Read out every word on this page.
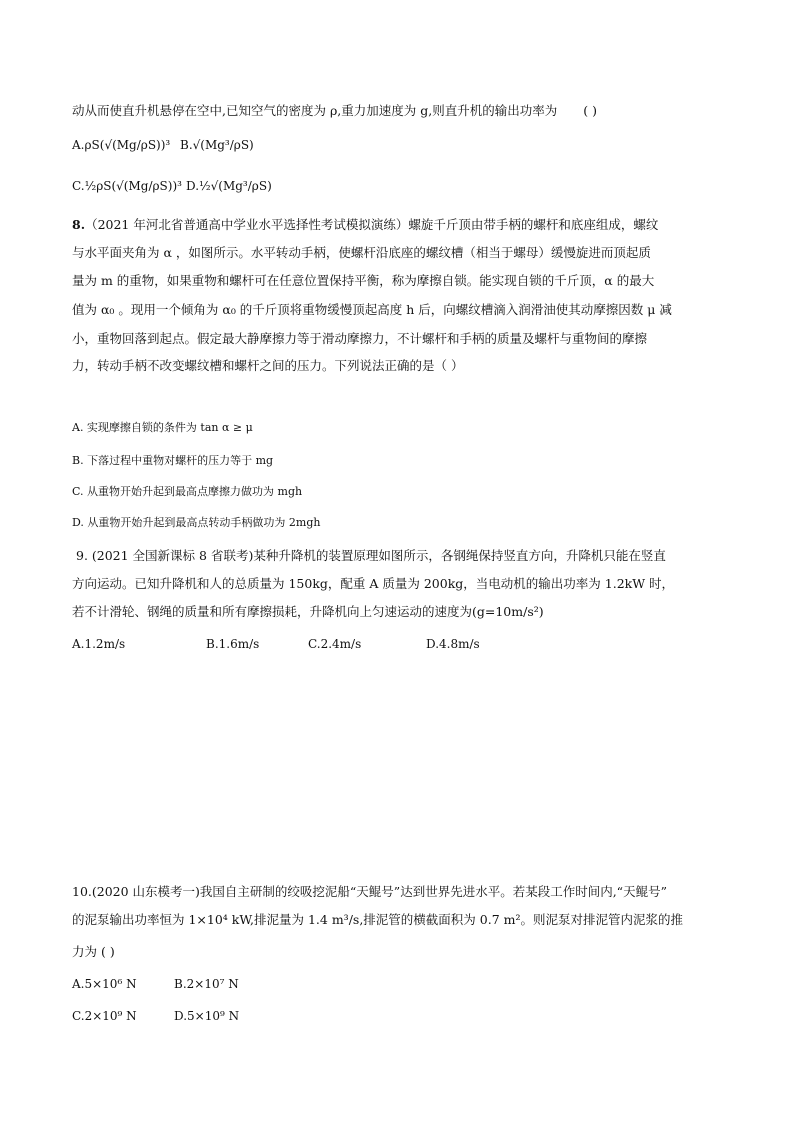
动从而使直升机悬停在空中,已知空气的密度为 ρ,重力加速度为 g,则直升机的输出功率为 ( )
A.ρS(√(Mg/ρS))³ B.√(Mg³/ρS)
C.½ρS(√(Mg/ρS))³ D.½√(Mg³/ρS)
8.（2021 年河北省普通高中学业水平选择性考试模拟演练）螺旋千斤顶由带手柄的螺杆和底座组成，螺纹
与水平面夹角为 α ，如图所示。水平转动手柄，使螺杆沿底座的螺纹槽（相当于螺母）缓慢旋进而顶起质
量为 m 的重物，如果重物和螺杆可在任意位置保持平衡，称为摩擦自锁。能实现自锁的千斤顶，α 的最大
值为 α₀ 。现用一个倾角为 α₀ 的千斤顶将重物缓慢顶起高度 h 后，向螺纹槽滴入润滑油使其动摩擦因数 μ 减
小，重物回落到起点。假定最大静摩擦力等于滑动摩擦力，不计螺杆和手柄的质量及螺杆与重物间的摩擦
力，转动手柄不改变螺纹槽和螺杆之间的压力。下列说法正确的是（ ）
A. 实现摩擦自锁的条件为 tan α ≥ μ
B. 下落过程中重物对螺杆的压力等于 mg
C. 从重物开始升起到最高点摩擦力做功为 mgh
D. 从重物开始升起到最高点转动手柄做功为 2mgh
9. (2021 全国新课标 8 省联考)某种升降机的装置原理如图所示，各钢绳保持竖直方向，升降机只能在竖直
方向运动。已知升降机和人的总质量为 150kg，配重 A 质量为 200kg，当电动机的输出功率为 1.2kW 时，
若不计滑轮、钢绳的质量和所有摩擦损耗，升降机向上匀速运动的速度为(g=10m/s²)
A.1.2m/s	B.1.6m/s	C.2.4m/s	D.4.8m/s
10.(2020 山东模考一)我国自主研制的绞吸挖泥船“天鲲号”达到世界先进水平。若某段工作时间内,“天鲲号”
的泥泵输出功率恒为 1×10⁴ kW,排泥量为 1.4 m³/s,排泥管的横截面积为 0.7 m²。则泥泵对排泥管内泥浆的推
力为 ( )
A.5×10⁶ N	B.2×10⁷ N
C.2×10⁹ N	D.5×10⁹ N
